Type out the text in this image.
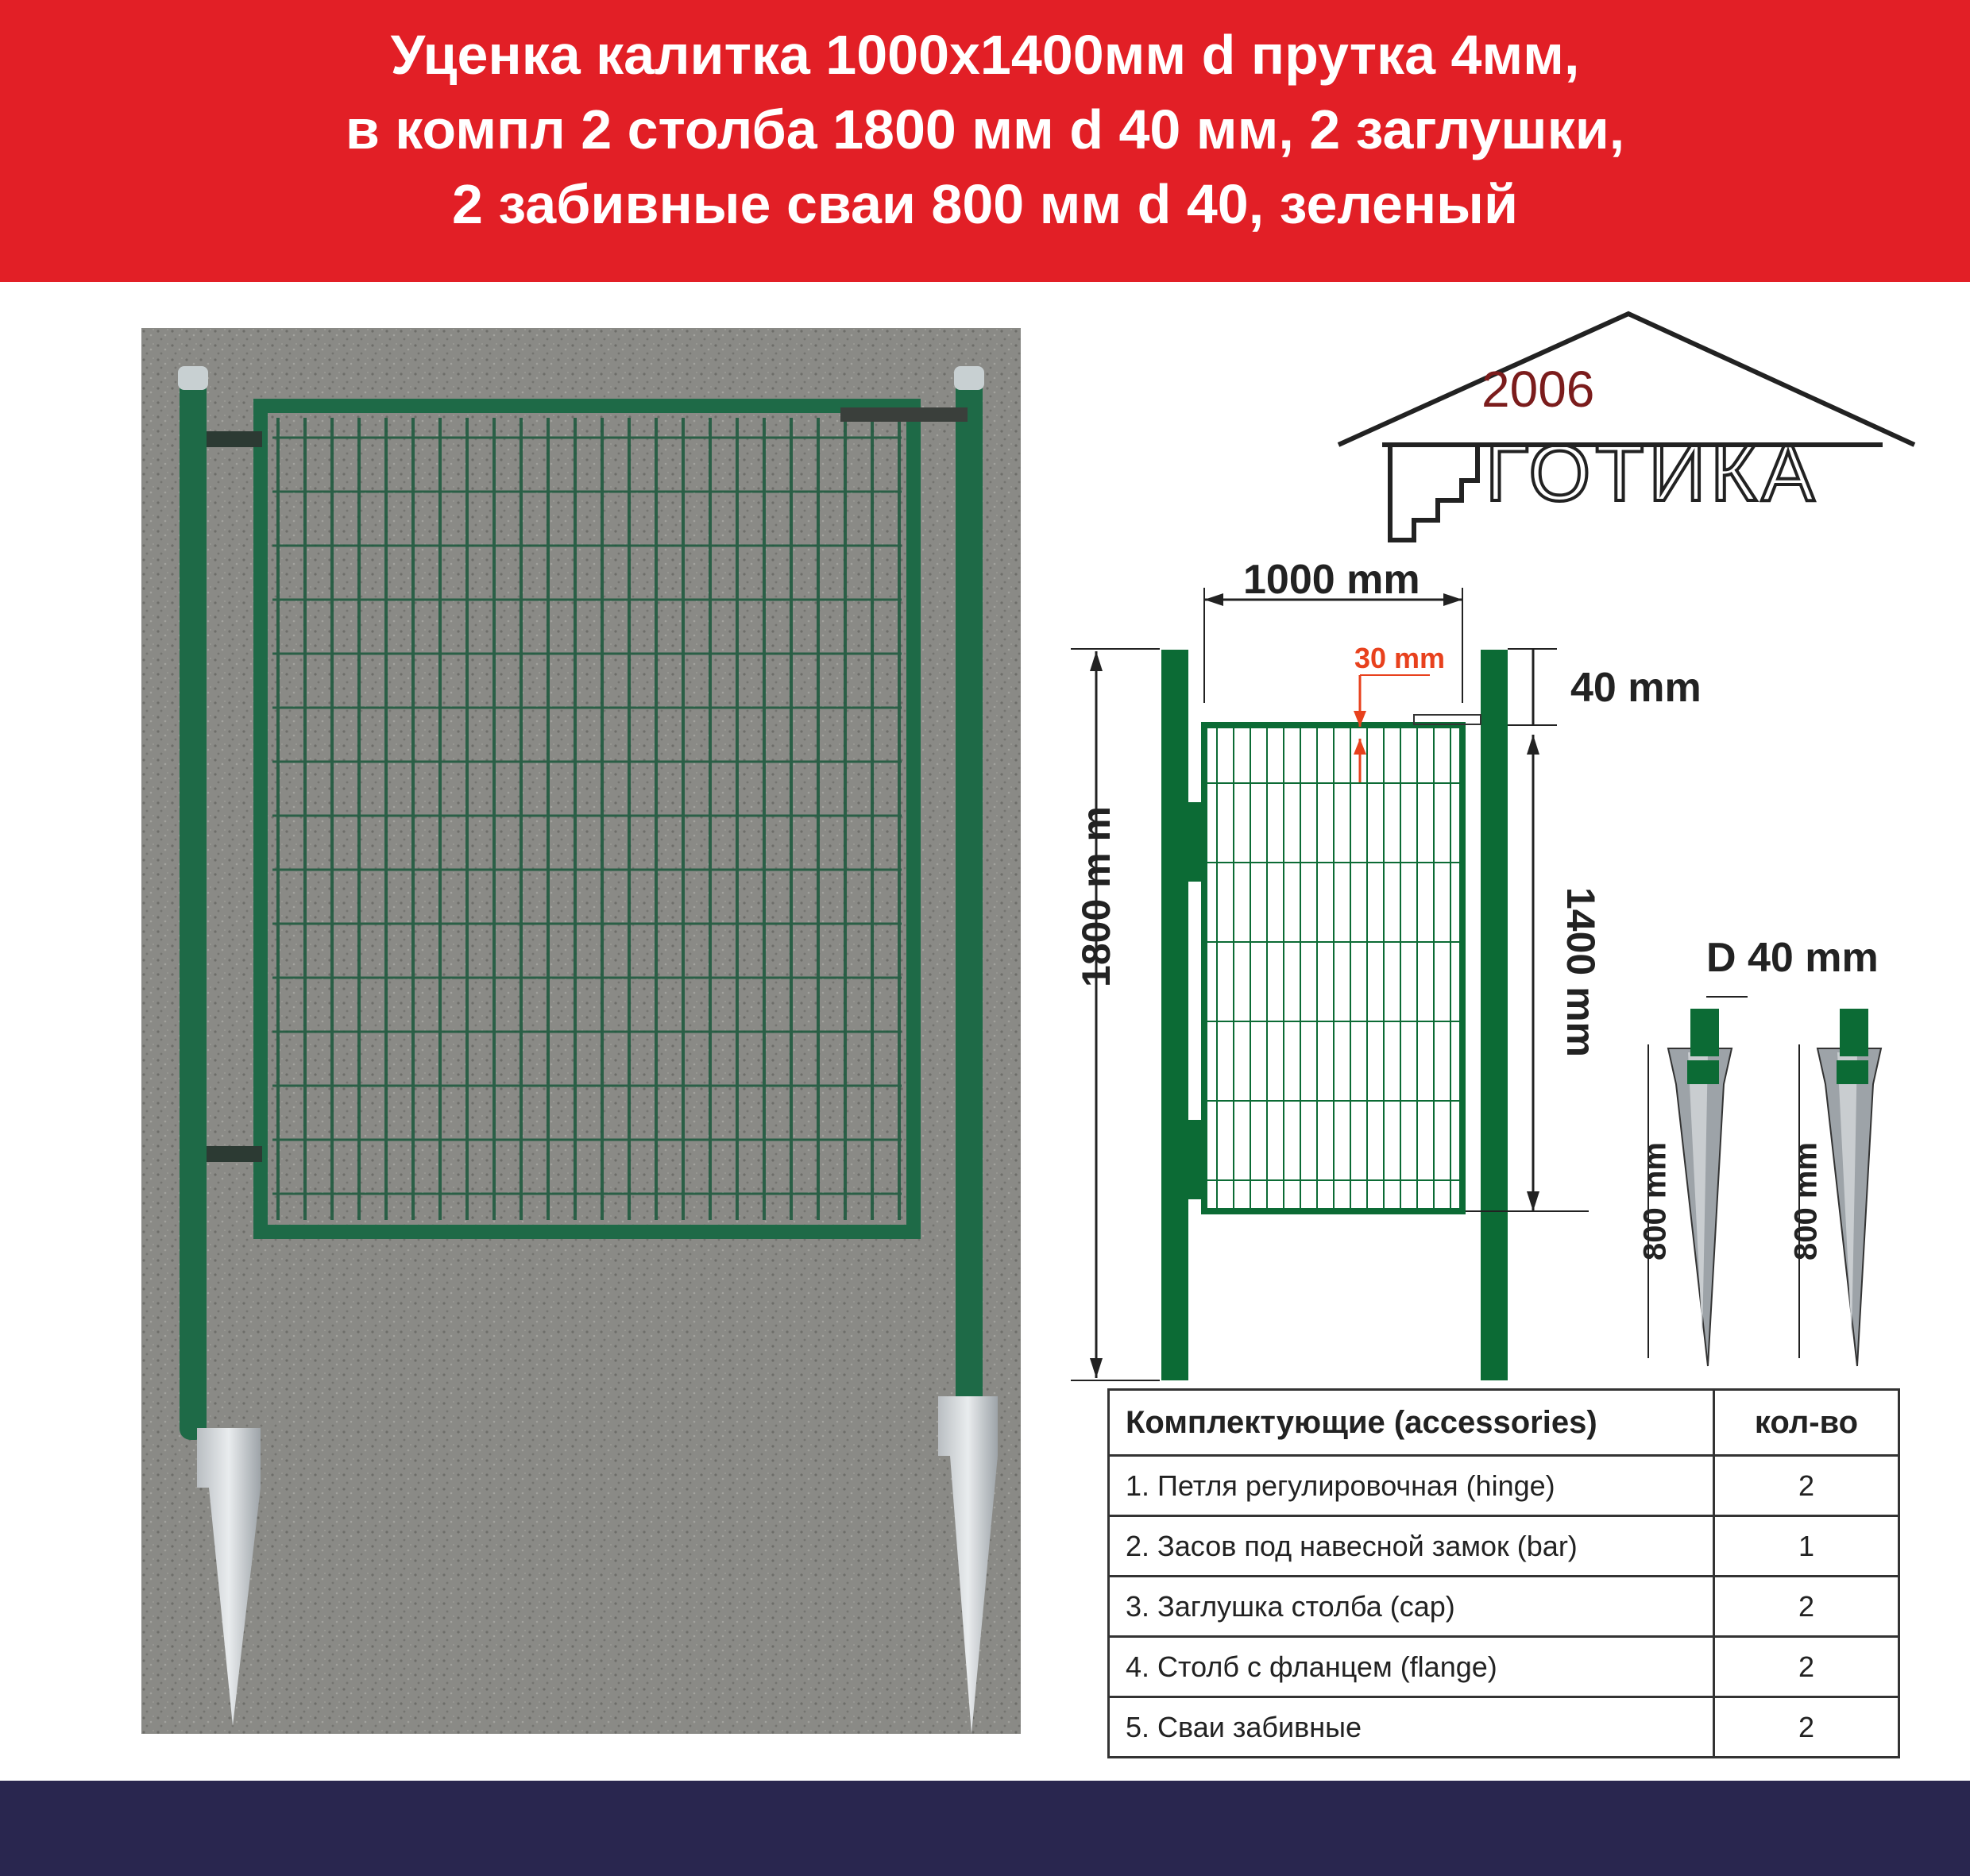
Уценка калитка 1000х1400мм d прутка 4мм,
в компл 2 столба 1800 мм d 40 мм, 2 заглушки,
2 забивные сваи 800 мм d 40, зеленый
ГОТИКА
2006
1000 mm
30 mm
40 mm
1800 m m	1400 mm	D 40 mm
800 mm	800 mm
Комплектующие (accessories)	кол-во
1. Петля регулировочная (hinge)	2
2. Засов под навесной замок (bar)	1
3. Заглушка столба (cap)	2
4. Столб с фланцем (flange)	2
5. Сваи забивные	2
